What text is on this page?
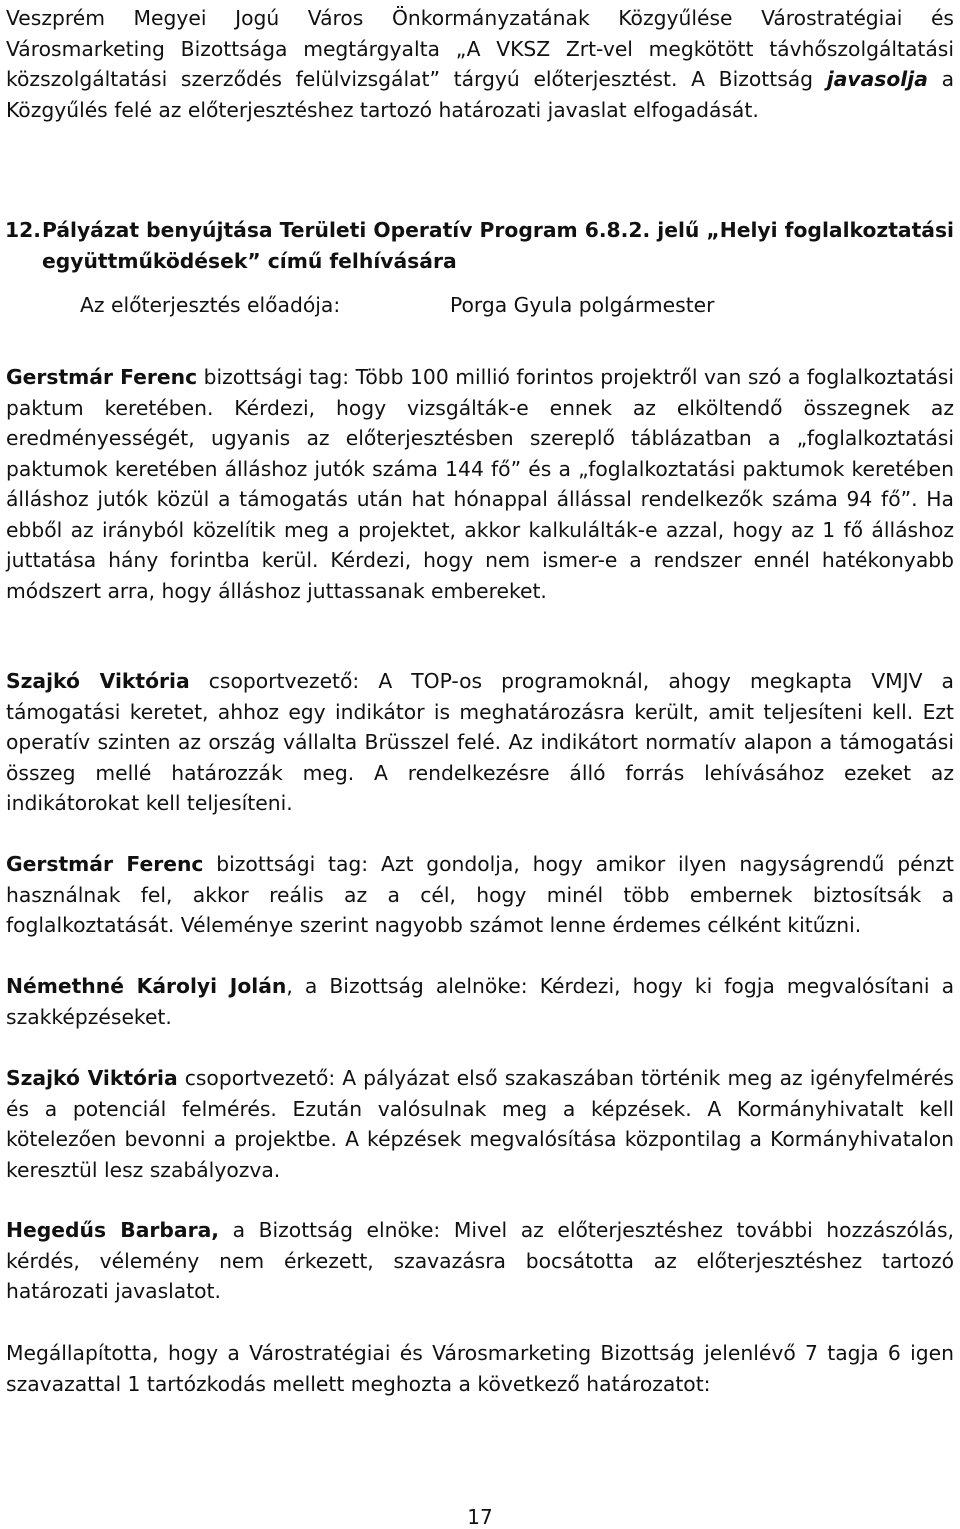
Veszprém Megyei Jogú Város Önkormányzatának Közgyűlése Várostratégiai és Városmarketing Bizottsága megtárgyalta „A VKSZ Zrt-vel megkötött távhőszolgáltatási közszolgáltatási szerződés felülvizsgálat” tárgyú előterjesztést. A Bizottság javasolja a Közgyűlés felé az előterjesztéshez tartozó határozati javaslat elfogadását.

12. Pályázat benyújtása Területi Operatív Program 6.8.2. jelű „Helyi foglalkoztatási együttműködések” című felhívására

Az előterjesztés előadója:	Porga Gyula polgármester

Gerstmár Ferenc bizottsági tag: Több 100 millió forintos projektről van szó a foglalkoztatási paktum keretében. Kérdezi, hogy vizsgálták-e ennek az elköltendő összegnek az eredményességét, ugyanis az előterjesztésben szereplő táblázatban a „foglalkoztatási paktumok keretében álláshoz jutók száma 144 fő” és a „foglalkoztatási paktumok keretében álláshoz jutók közül a támogatás után hat hónappal állással rendelkezők száma 94 fő”. Ha ebből az irányból közelítik meg a projektet, akkor kalkulálták-e azzal, hogy az 1 fő álláshoz juttatása hány forintba kerül. Kérdezi, hogy nem ismer-e a rendszer ennél hatékonyabb módszert arra, hogy álláshoz juttassanak embereket.

Szajkó Viktória csoportvezető: A TOP-os programoknál, ahogy megkapta VMJV a támogatási keretet, ahhoz egy indikátor is meghatározásra került, amit teljesíteni kell. Ezt operatív szinten az ország vállalta Brüsszel felé. Az indikátort normatív alapon a támogatási összeg mellé határozzák meg. A rendelkezésre álló forrás lehívásához ezeket az indikátorokat kell teljesíteni.

Gerstmár Ferenc bizottsági tag: Azt gondolja, hogy amikor ilyen nagyságrendű pénzt használnak fel, akkor reális az a cél, hogy minél több embernek biztosítsák a foglalkoztatását. Véleménye szerint nagyobb számot lenne érdemes célként kitűzni.

Némethné Károlyi Jolán, a Bizottság alelnöke: Kérdezi, hogy ki fogja megvalósítani a szakképzéseket.

Szajkó Viktória csoportvezető: A pályázat első szakaszában történik meg az igényfelmérés és a potenciál felmérés. Ezután valósulnak meg a képzések. A Kormányhivatalt kell kötelezően bevonni a projektbe. A képzések megvalósítása központilag a Kormányhivatalon keresztül lesz szabályozva.

Hegedűs Barbara, a Bizottság elnöke: Mivel az előterjesztéshez további hozzászólás, kérdés, vélemény nem érkezett, szavazásra bocsátotta az előterjesztéshez tartozó határozati javaslatot.

Megállapította, hogy a Várostratégiai és Városmarketing Bizottság jelenlévő 7 tagja 6 igen szavazattal 1 tartózkodás mellett meghozta a következő határozatot:

17
